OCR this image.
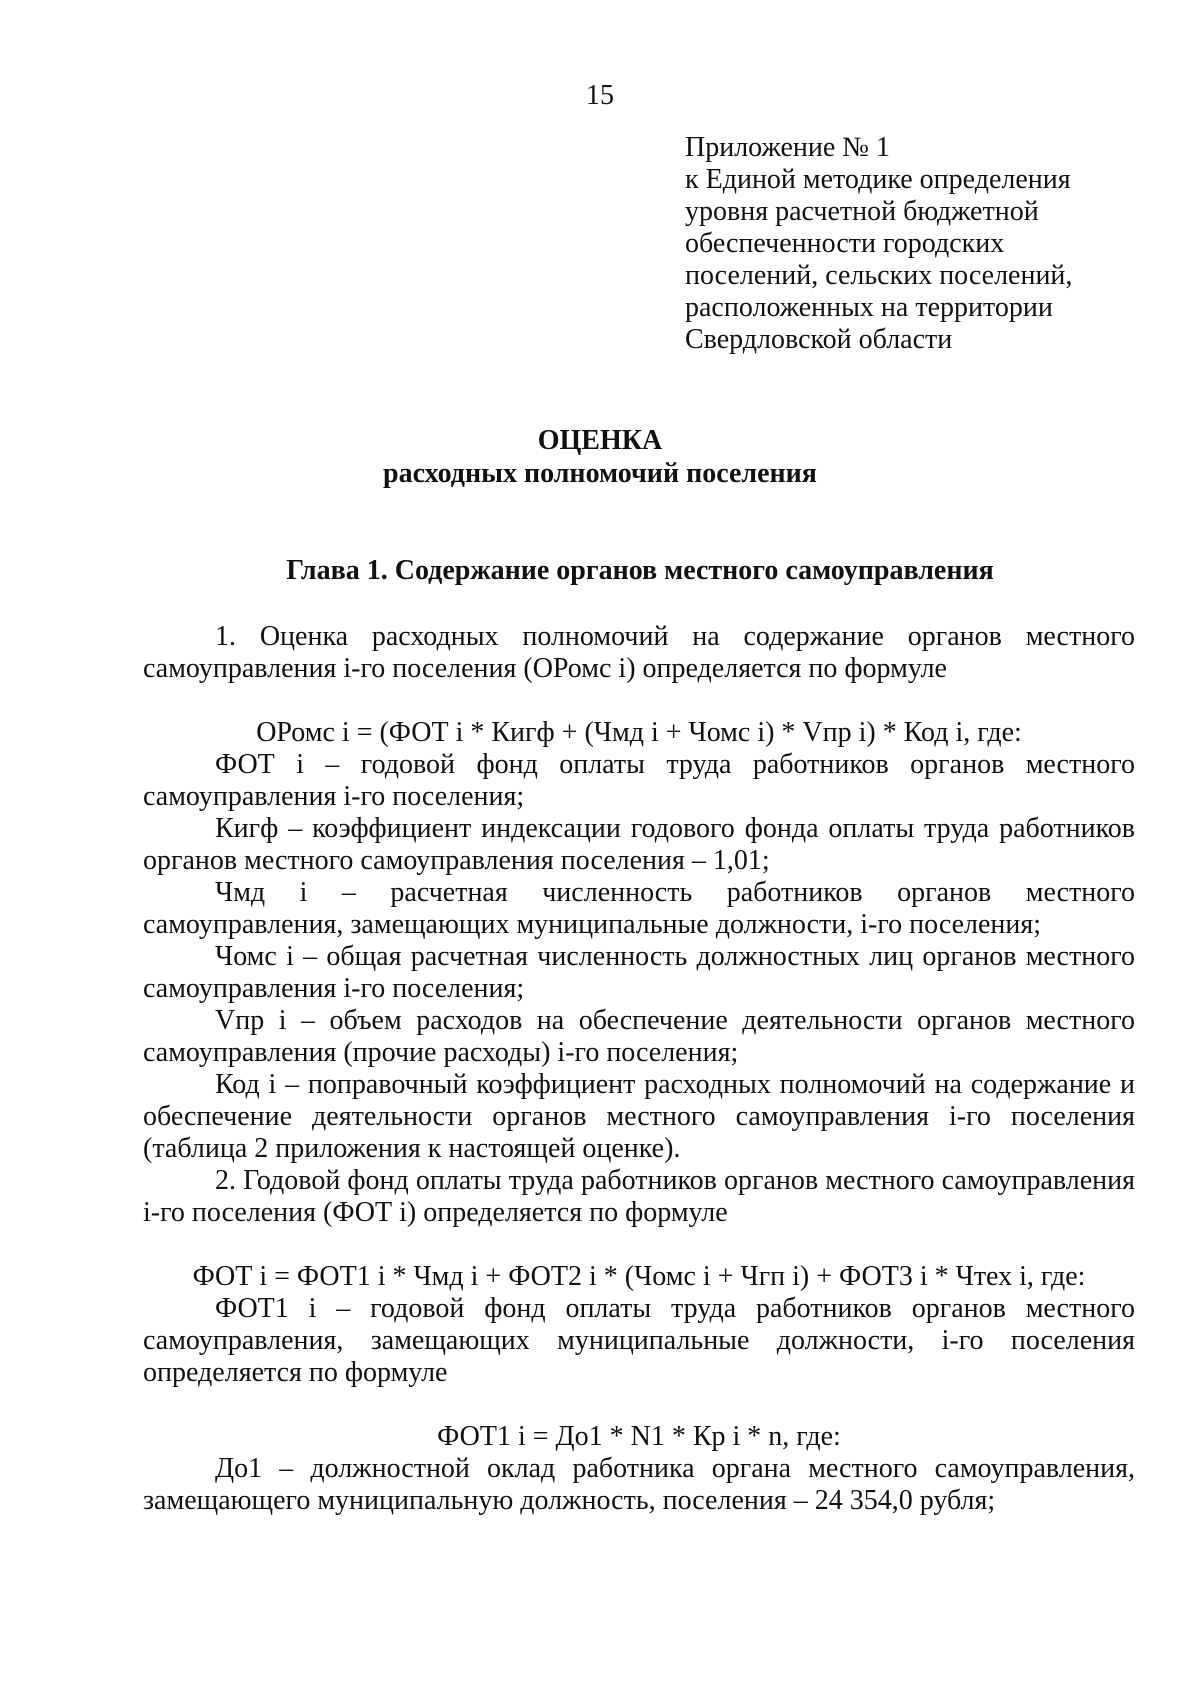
15
Приложение № 1
к Единой методике определения
уровня расчетной бюджетной
обеспеченности городских
поселений, сельских поселений,
расположенных на территории
Свердловской области
ОЦЕНКА
расходных полномочий поселения
Глава 1. Содержание органов местного самоуправления

1. Оценка расходных полномочий на содержание органов местного самоуправления i-го поселения (ОРомс i) определяется по формуле

ОРомс i = (ФОТ i * Кигф + (Чмд i + Чомс i) * Vпр i) * Код i, где:

ФОТ i – годовой фонд оплаты труда работников органов местного самоуправления i-го поселения;

Кигф – коэффициент индексации годового фонда оплаты труда работников органов местного самоуправления поселения – 1,01;

Чмд i – расчетная численность работников органов местного самоуправления, замещающих муниципальные должности, i-го поселения;

Чомс i – общая расчетная численность должностных лиц органов местного самоуправления i-го поселения;

Vпр i – объем расходов на обеспечение деятельности органов местного самоуправления (прочие расходы) i-го поселения;

Код i – поправочный коэффициент расходных полномочий на содержание и обеспечение деятельности органов местного самоуправления i-го поселения (таблица 2 приложения к настоящей оценке).

2. Годовой фонд оплаты труда работников органов местного самоуправления i-го поселения (ФОТ i) определяется по формуле

ФОТ i = ФОТ1 i * Чмд i + ФОТ2 i * (Чомс i + Чгп i) + ФОТ3 i * Чтех i, где:

ФОТ1 i – годовой фонд оплаты труда работников органов местного самоуправления, замещающих муниципальные должности, i-го поселения определяется по формуле

ФОТ1 i = До1 * N1 * Кр i * n, где:

До1 – должностной оклад работника органа местного самоуправления, замещающего муниципальную должность, поселения – 24 354,0 рубля;
